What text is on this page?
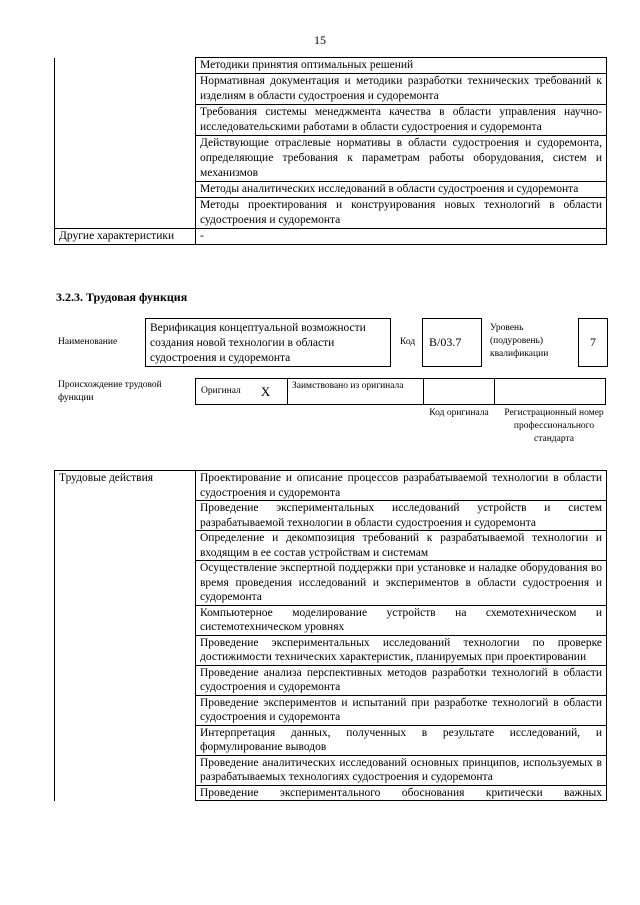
15
	Методики принятия оптимальных решений
	Нормативная документация и методики разработки технических требований к изделиям в области судостроения и судоремонта
	Требования системы менеджмента качества в области управления научно-исследовательскими работами в области судостроения и судоремонта
	Действующие отраслевые нормативы в области судостроения и судоремонта, определяющие требования к параметрам работы оборудования, систем и механизмов
	Методы аналитических исследований в области судостроения и судоремонта
	Методы проектирования и конструирования новых технологий в области судостроения и судоремонта
Другие характеристики	-
3.2.3. Трудовая функция
Наименование
Верификация концептуальной возможности создания новой технологии в области судостроения и судоремонта
Код	B/03.7
Уровень (подуровень) квалификации
7
Происхождение трудовой функции
Оригинал X	Заимствовано из оригинала
Код оригинала	Регистрационный номер профессионального стандарта
Трудовые действия	Проектирование и описание процессов разрабатываемой технологии в области судостроения и судоремонта
Проведение экспериментальных исследований устройств и систем разрабатываемой технологии в области судостроения и судоремонта
Определение и декомпозиция требований к разрабатываемой технологии и входящим в ее состав устройствам и системам
Осуществление экспертной поддержки при установке и наладке оборудования во время проведения исследований и экспериментов в области судостроения и судоремонта
Компьютерное моделирование устройств на схемотехническом и системотехническом уровнях
Проведение экспериментальных исследований технологии по проверке достижимости технических характеристик, планируемых при проектировании
Проведение анализа перспективных методов разработки технологий в области судостроения и судоремонта
Проведение экспериментов и испытаний при разработке технологий в области судостроения и судоремонта
Интерпретация данных, полученных в результате исследований, и формулирование выводов
Проведение аналитических исследований основных принципов, используемых в разрабатываемых технологиях судостроения и судоремонта
Проведение экспериментального обоснования критически важных
